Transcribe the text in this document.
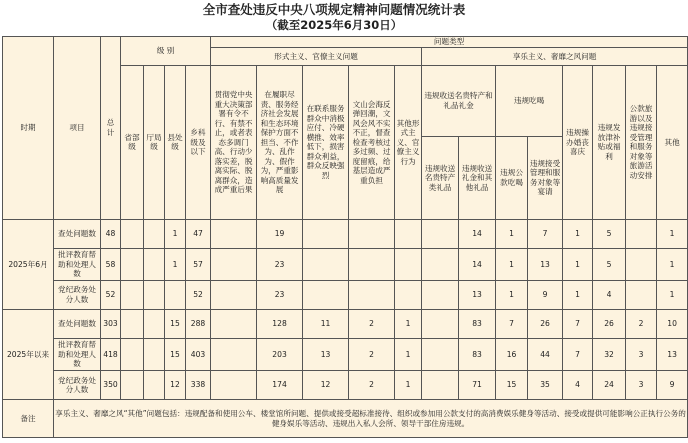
全市查处违反中央八项规定精神问题情况统计表
（截至2025年6月30日）
时期	项目	总 计	级 别				问题类型												
							形式主义、官僚主义问题					享乐主义、奢靡之风问题							
			省部级	厅局级	县处级	乡科级及以下	贯彻党中央重大决策部署有令不行、有禁不止，或者表态多调门高、行动少落实差，脱离实际、脱离群众，造成严重后果	在履职尽责、服务经济社会发展和生态环境保护方面不担当、不作为、乱作为、假作为，严重影响高质量发展	在联系服务群众中消极应付、冷硬横推、效率低下，损害群众利益，群众反映强烈	文山会海反弹回潮，文风会风不实不正，督查检查考核过多过频、过度留痕，给基层造成严重负担	其他形式主义、官僚主义行为	违规收送名贵特产和礼品礼金		违规吃喝		违规操办婚丧喜庆	违规发放津补贴或福利	公款旅游以及违规接受管理和服务对象等旅游活动安排	其他
												违规收送名贵特产类礼品	违规收送礼金和其他礼品	违规公款吃喝	违规接受管理和服务对象等宴请				

2025年6月	查处问题数	48			1	47		19					14	1	7	1	5		1
	批评教育帮助和处理人数	58			1	57		23					14	1	13	1	5		1
	党纪政务处分人数	52				52		23					13	1	9	1	4		1
2025年以来	查处问题数	303			15	288		128	11	2	1		83	7	26	7	26	2	10
	批评教育帮助和处理人数	418			15	403		203	13	2	1		83	16	44	7	32	3	13
	党纪政务处分人数	350			12	338		174	12	2	1		71	15	35	4	24	3	9
备注	享乐主义、奢靡之风“其他”问题包括：违规配备和使用公车、楼堂馆所问题、提供或接受超标准接待、组织或参加用公款支付的高消费娱乐健身等活动、接受或提供可能影响公正执行公务的健身娱乐等活动、违规出入私人会所、领导干部住房违规。																		
